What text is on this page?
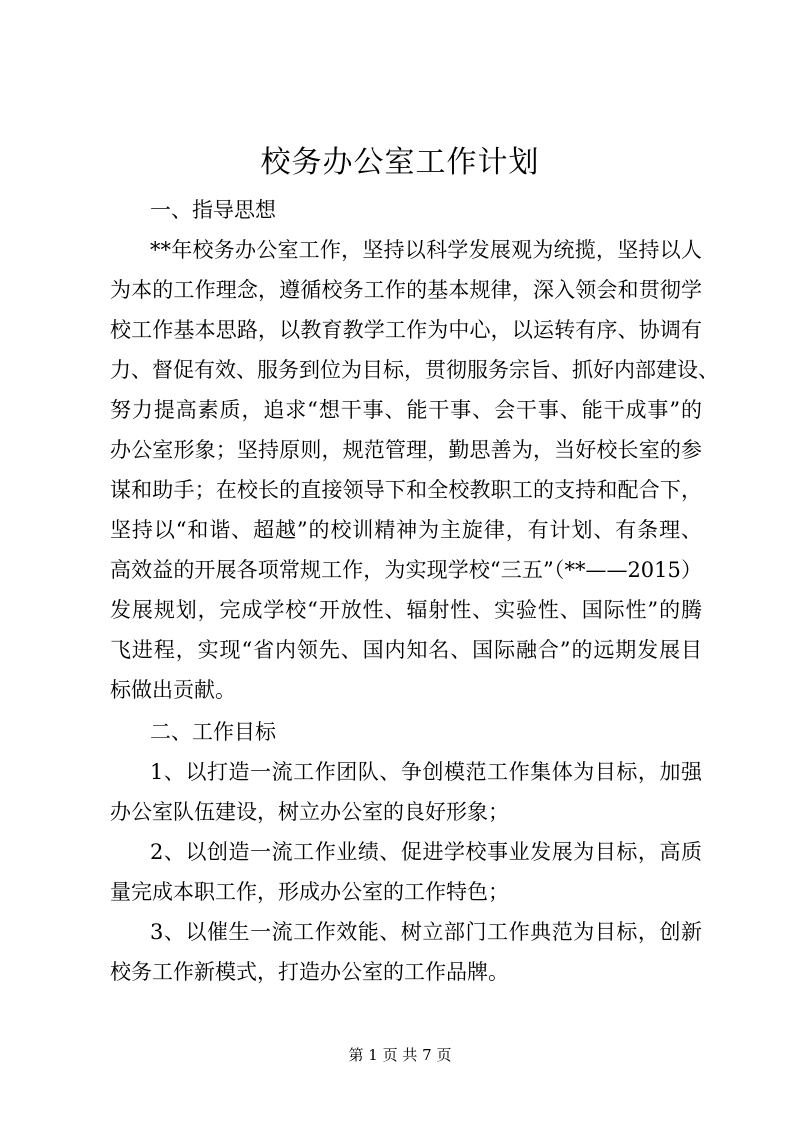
校务办公室工作计划
一、指导思想
**年校务办公室工作，坚持以科学发展观为统揽，坚持以人
为本的工作理念，遵循校务工作的基本规律，深入领会和贯彻学
校工作基本思路，以教育教学工作为中心，以运转有序、协调有
力、督促有效、服务到位为目标，贯彻服务宗旨、抓好内部建设、
努力提高素质，追求“想干事、能干事、会干事、能干成事”的
办公室形象；坚持原则，规范管理，勤思善为，当好校长室的参
谋和助手；在校长的直接领导下和全校教职工的支持和配合下，
坚持以“和谐、超越”的校训精神为主旋律，有计划、有条理、
高效益的开展各项常规工作，为实现学校“三五”（**——2015）
发展规划，完成学校“开放性、辐射性、实验性、国际性”的腾
飞进程，实现“省内领先、国内知名、国际融合”的远期发展目
标做出贡献。
二、工作目标
1、以打造一流工作团队、争创模范工作集体为目标，加强
办公室队伍建设，树立办公室的良好形象；
2、以创造一流工作业绩、促进学校事业发展为目标，高质
量完成本职工作，形成办公室的工作特色；
3、以催生一流工作效能、树立部门工作典范为目标，创新
校务工作新模式，打造办公室的工作品牌。
第 1 页 共 7 页
